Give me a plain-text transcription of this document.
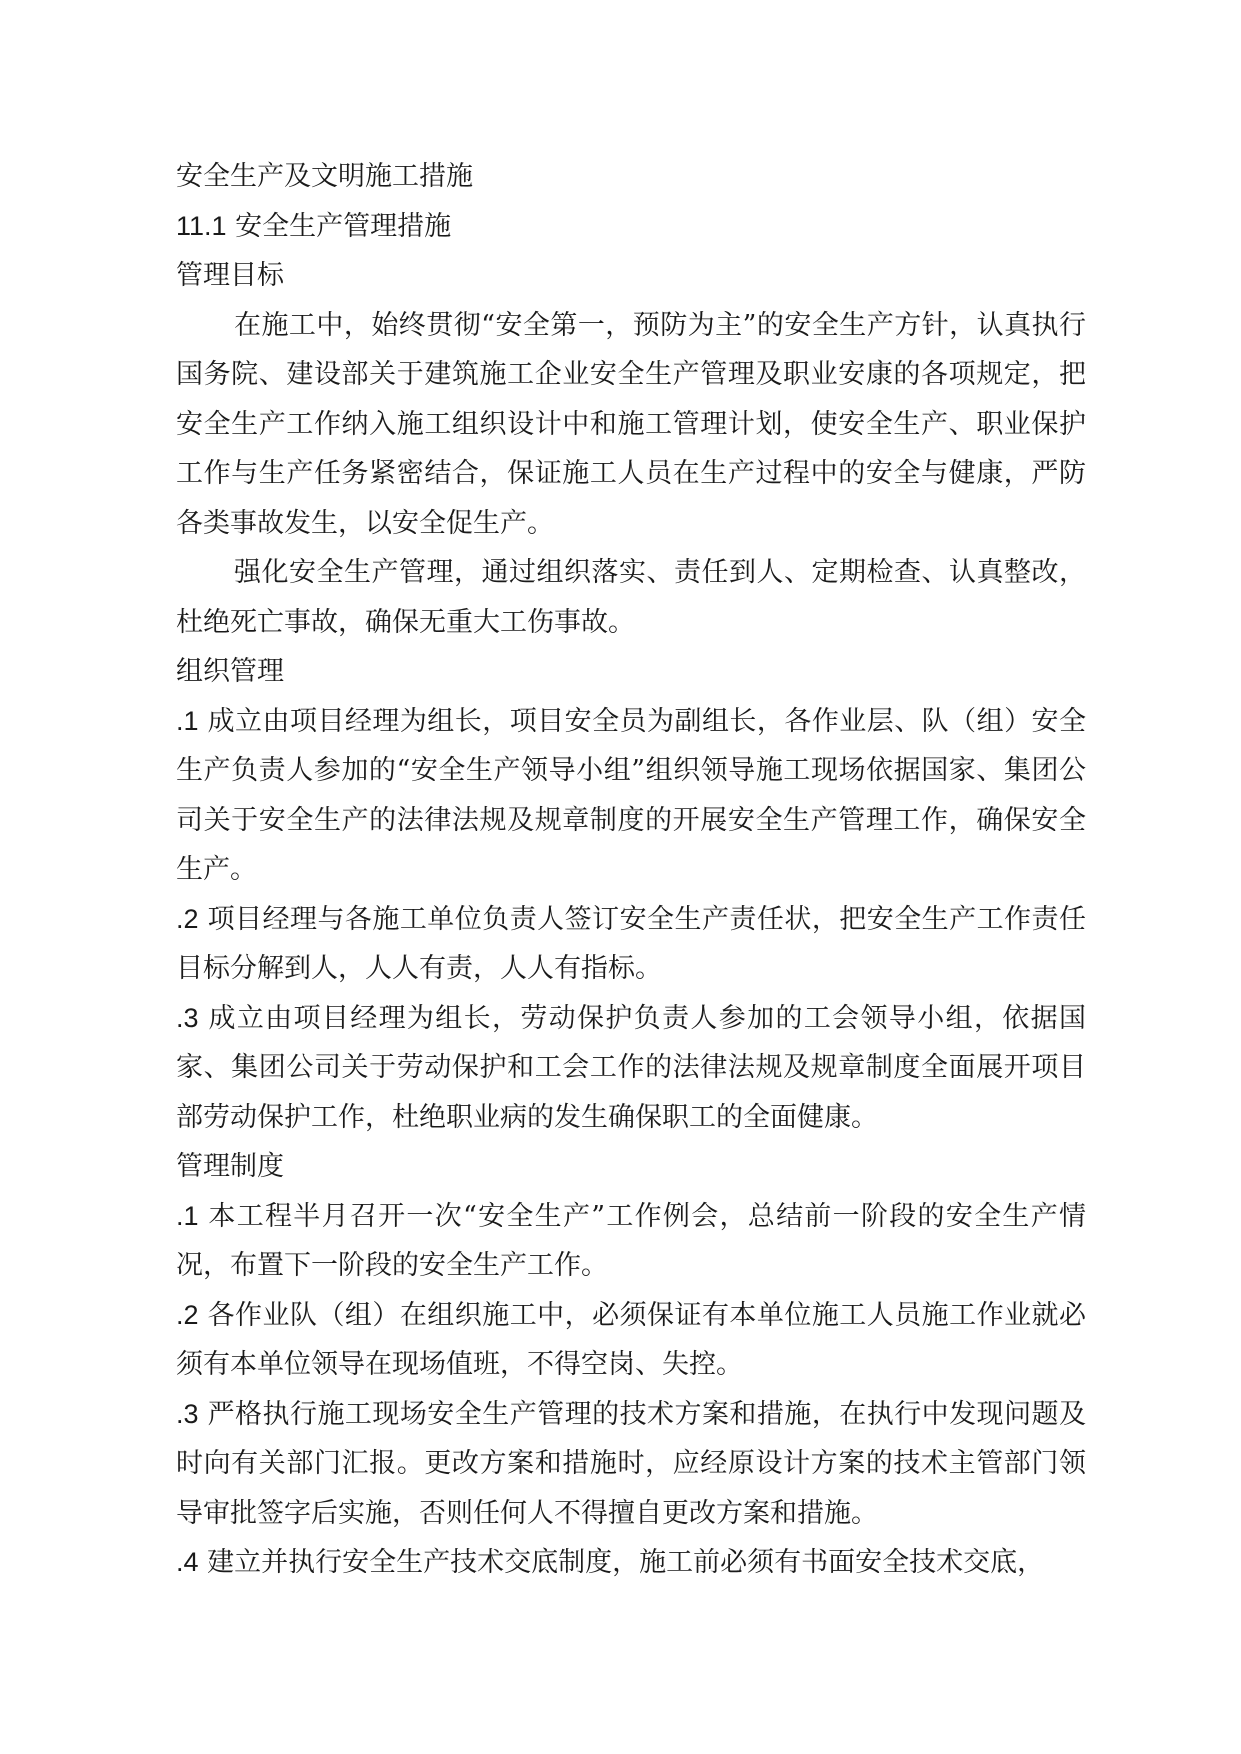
安全生产及文明施工措施

11.1 安全生产管理措施

管理目标

在施工中，始终贯彻“安全第一，预防为主”的安全生产方针，认真执行国务院、建设部关于建筑施工企业安全生产管理及职业安康的各项规定，把安全生产工作纳入施工组织设计中和施工管理计划，使安全生产、职业保护工作与生产任务紧密结合，保证施工人员在生产过程中的安全与健康，严防各类事故发生，以安全促生产。

强化安全生产管理，通过组织落实、责任到人、定期检查、认真整改，杜绝死亡事故，确保无重大工伤事故。

组织管理

.1 成立由项目经理为组长，项目安全员为副组长，各作业层、队（组）安全生产负责人参加的“安全生产领导小组”组织领导施工现场依据国家、集团公司关于安全生产的法律法规及规章制度的开展安全生产管理工作，确保安全生产。

.2 项目经理与各施工单位负责人签订安全生产责任状，把安全生产工作责任目标分解到人，人人有责，人人有指标。

.3 成立由项目经理为组长，劳动保护负责人参加的工会领导小组，依据国家、集团公司关于劳动保护和工会工作的法律法规及规章制度全面展开项目部劳动保护工作，杜绝职业病的发生确保职工的全面健康。

管理制度

.1 本工程半月召开一次“安全生产”工作例会，总结前一阶段的安全生产情况，布置下一阶段的安全生产工作。

.2 各作业队（组）在组织施工中，必须保证有本单位施工人员施工作业就必须有本单位领导在现场值班，不得空岗、失控。

.3 严格执行施工现场安全生产管理的技术方案和措施，在执行中发现问题及时向有关部门汇报。更改方案和措施时，应经原设计方案的技术主管部门领导审批签字后实施，否则任何人不得擅自更改方案和措施。

.4 建立并执行安全生产技术交底制度，施工前必须有书面安全技术交底，
